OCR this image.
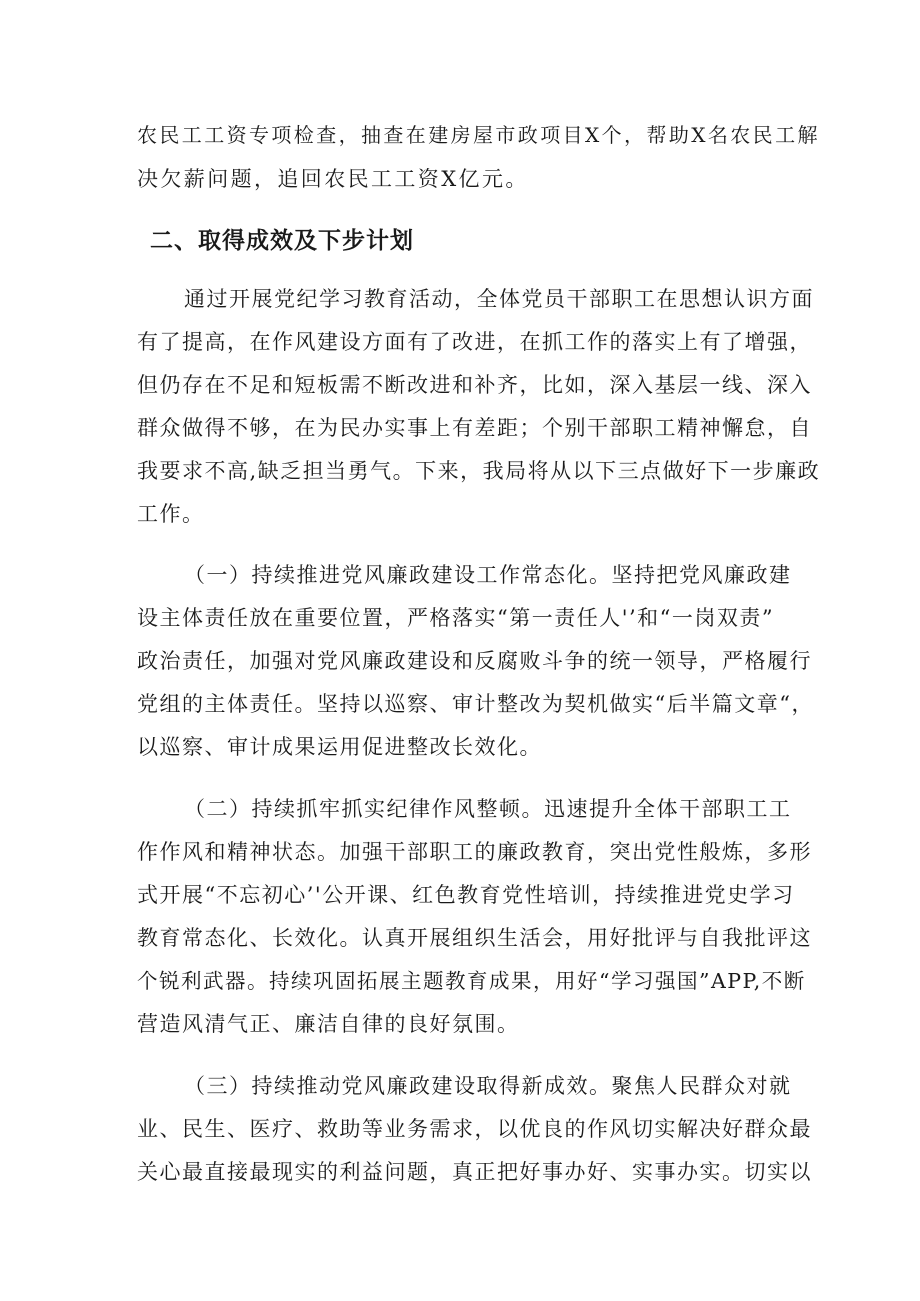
农民工工资专项检查，抽查在建房屋市政项目X个，帮助X名农民工解
决欠薪问题，追回农民工工资X亿元。
二、取得成效及下步计划
通过开展党纪学习教育活动，全体党员干部职工在思想认识方面
有了提高，在作风建设方面有了改进，在抓工作的落实上有了增强，
但仍存在不足和短板需不断改进和补齐，比如，深入基层一线、深入
群众做得不够，在为民办实事上有差距；个别干部职工精神懈怠，自
我要求不高,缺乏担当勇气。下来，我局将从以下三点做好下一步廉政
工作。
（一）持续推进党风廉政建设工作常态化。坚持把党风廉政建
设主体责任放在重要位置，严格落实“第一责任人'’和“一岗双责”
政治责任，加强对党风廉政建设和反腐败斗争的统一领导，严格履行
党组的主体责任。坚持以巡察、审计整改为契机做实“后半篇文章“，
以巡察、审计成果运用促进整改长效化。
（二）持续抓牢抓实纪律作风整顿。迅速提升全体干部职工工
作作风和精神状态。加强干部职工的廉政教育，突出党性般炼，多形
式开展“不忘初心’'公开课、红色教育党性培训，持续推进党史学习
教育常态化、长效化。认真开展组织生活会，用好批评与自我批评这
个锐利武器。持续巩固拓展主题教育成果，用好“学习强国”APP,不断
营造风清气正、廉洁自律的良好氛围。
（三）持续推动党风廉政建设取得新成效。聚焦人民群众对就
业、民生、医疗、救助等业务需求，以优良的作风切实解决好群众最
关心最直接最现实的利益问题，真正把好事办好、实事办实。切实以
